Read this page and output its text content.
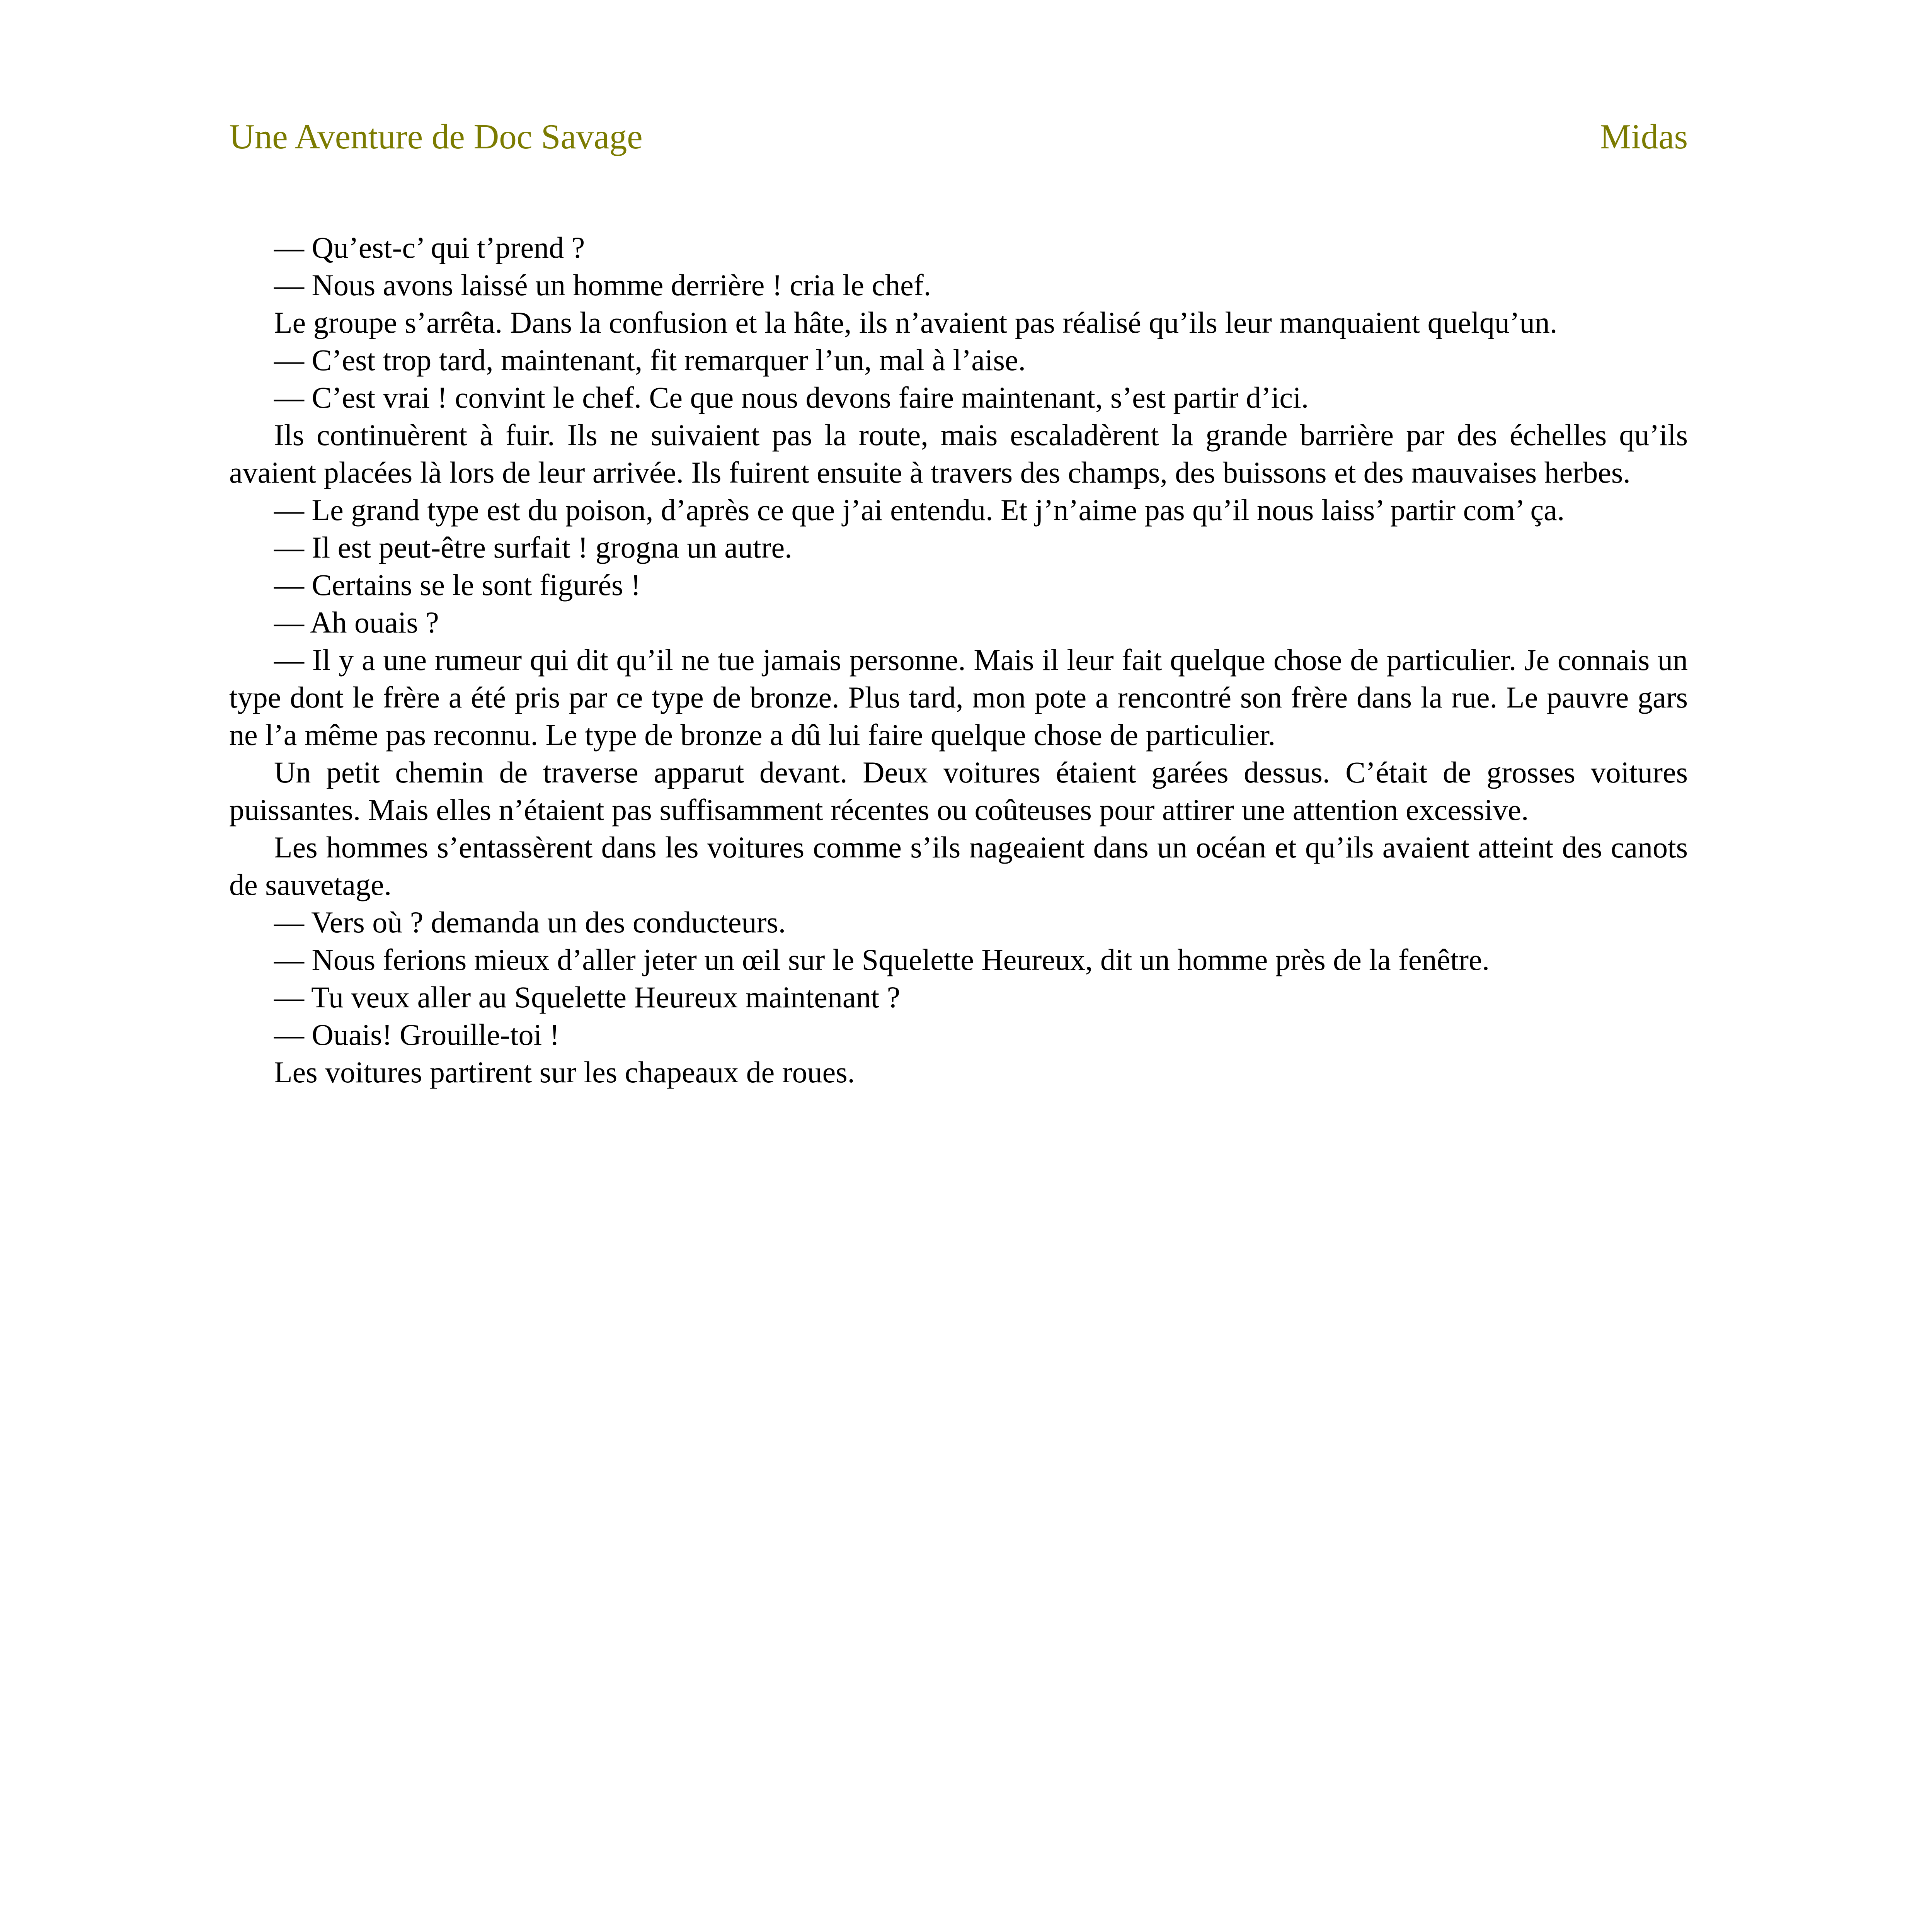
Une Aventure de Doc Savage	Midas

— Qu’est-c’ qui t’prend ?

— Nous avons laissé un homme derrière ! cria le chef.

Le groupe s’arrêta. Dans la confusion et la hâte, ils n’avaient pas réalisé qu’ils leur manquaient quelqu’un.

— C’est trop tard, maintenant, fit remarquer l’un, mal à l’aise.

— C’est vrai ! convint le chef. Ce que nous devons faire maintenant, s’est partir d’ici.

Ils continuèrent à fuir. Ils ne suivaient pas la route, mais escaladèrent la grande barrière par des échelles qu’ils avaient placées là lors de leur arrivée. Ils fuirent ensuite à travers des champs, des buissons et des mauvaises herbes.

— Le grand type est du poison, d’après ce que j’ai entendu. Et j’n’aime pas qu’il nous laiss’ partir com’ ça.

— Il est peut-être surfait ! grogna un autre.

— Certains se le sont figurés !

— Ah ouais ?

— Il y a une rumeur qui dit qu’il ne tue jamais personne. Mais il leur fait quelque chose de particulier. Je connais un type dont le frère a été pris par ce type de bronze. Plus tard, mon pote a rencontré son frère dans la rue. Le pauvre gars ne l’a même pas reconnu. Le type de bronze a dû lui faire quelque chose de particulier.

Un petit chemin de traverse apparut devant. Deux voitures étaient garées dessus. C’était de grosses voitures puissantes. Mais elles n’étaient pas suffisamment récentes ou coûteuses pour attirer une attention excessive.

Les hommes s’entassèrent dans les voitures comme s’ils nageaient dans un océan et qu’ils avaient atteint des canots de sauvetage.

— Vers où ? demanda un des conducteurs.

— Nous ferions mieux d’aller jeter un œil sur le Squelette Heureux, dit un homme près de la fenêtre.

— Tu veux aller au Squelette Heureux maintenant ?

— Ouais! Grouille-toi !

Les voitures partirent sur les chapeaux de roues.
